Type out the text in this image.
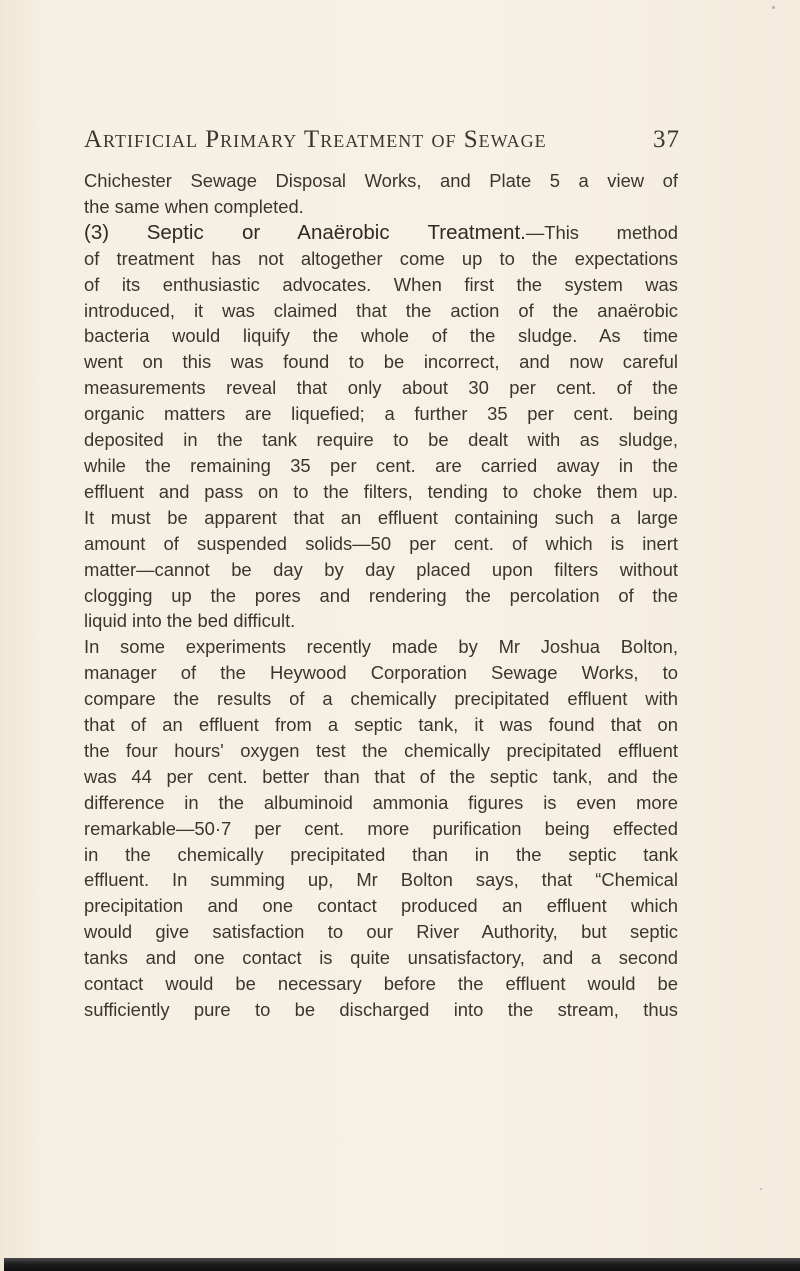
Artificial Primary Treatment of Sewage	37
Chichester Sewage Disposal Works, and Plate 5 a view of
the same when completed.
(3) Septic or Anaërobic Treatment.—This method
of treatment has not altogether come up to the expectations
of its enthusiastic advocates. When first the system was
introduced, it was claimed that the action of the anaërobic
bacteria would liquify the whole of the sludge. As time
went on this was found to be incorrect, and now careful
measurements reveal that only about 30 per cent. of the
organic matters are liquefied; a further 35 per cent. being
deposited in the tank require to be dealt with as sludge,
while the remaining 35 per cent. are carried away in the
effluent and pass on to the filters, tending to choke them up.
It must be apparent that an effluent containing such a large
amount of suspended solids—50 per cent. of which is inert
matter—cannot be day by day placed upon filters without
clogging up the pores and rendering the percolation of the
liquid into the bed difficult.
In some experiments recently made by Mr Joshua Bolton,
manager of the Heywood Corporation Sewage Works, to
compare the results of a chemically precipitated effluent with
that of an effluent from a septic tank, it was found that on
the four hours' oxygen test the chemically precipitated effluent
was 44 per cent. better than that of the septic tank, and the
difference in the albuminoid ammonia figures is even more
remarkable—50·7 per cent. more purification being effected
in the chemically precipitated than in the septic tank
effluent. In summing up, Mr Bolton says, that “Chemical
precipitation and one contact produced an effluent which
would give satisfaction to our River Authority, but septic
tanks and one contact is quite unsatisfactory, and a second
contact would be necessary before the effluent would be
sufficiently pure to be discharged into the stream, thus
